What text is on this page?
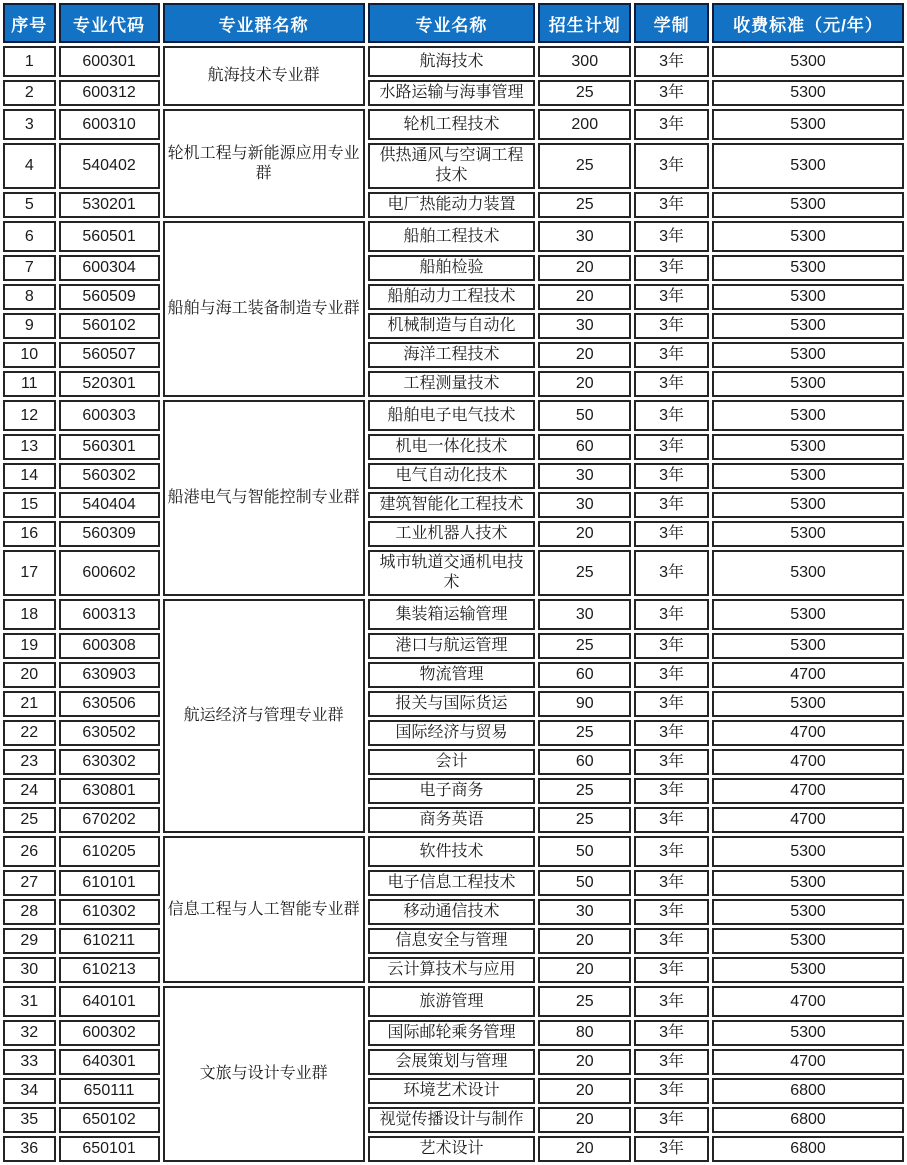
序号	专业代码	专业群名称	专业名称	招生计划	学制	收费标准（元/年）
1	600301	航海技术专业群	航海技术	300	3年	5300
2	600312		水路运输与海事管理	25	3年	5300
3	600310	轮机工程与新能源应用专业群	轮机工程技术	200	3年	5300
4	540402		供热通风与空调工程技术	25	3年	5300
5	530201		电厂热能动力装置	25	3年	5300
6	560501	船舶与海工装备制造专业群	船舶工程技术	30	3年	5300
7	600304		船舶检验	20	3年	5300
8	560509		船舶动力工程技术	20	3年	5300
9	560102		机械制造与自动化	30	3年	5300
10	560507		海洋工程技术	20	3年	5300
11	520301		工程测量技术	20	3年	5300
12	600303	船港电气与智能控制专业群	船舶电子电气技术	50	3年	5300
13	560301		机电一体化技术	60	3年	5300
14	560302		电气自动化技术	30	3年	5300
15	540404		建筑智能化工程技术	30	3年	5300
16	560309		工业机器人技术	20	3年	5300
17	600602		城市轨道交通机电技术	25	3年	5300
18	600313	航运经济与管理专业群	集装箱运输管理	30	3年	5300
19	600308		港口与航运管理	25	3年	5300
20	630903		物流管理	60	3年	4700
21	630506		报关与国际货运	90	3年	5300
22	630502		国际经济与贸易	25	3年	4700
23	630302		会计	60	3年	4700
24	630801		电子商务	25	3年	4700
25	670202		商务英语	25	3年	4700
26	610205	信息工程与人工智能专业群	软件技术	50	3年	5300
27	610101		电子信息工程技术	50	3年	5300
28	610302		移动通信技术	30	3年	5300
29	610211		信息安全与管理	20	3年	5300
30	610213		云计算技术与应用	20	3年	5300
31	640101	文旅与设计专业群	旅游管理	25	3年	4700
32	600302		国际邮轮乘务管理	80	3年	5300
33	640301		会展策划与管理	20	3年	4700
34	650111		环境艺术设计	20	3年	6800
35	650102		视觉传播设计与制作	20	3年	6800
36	650101		艺术设计	20	3年	6800
